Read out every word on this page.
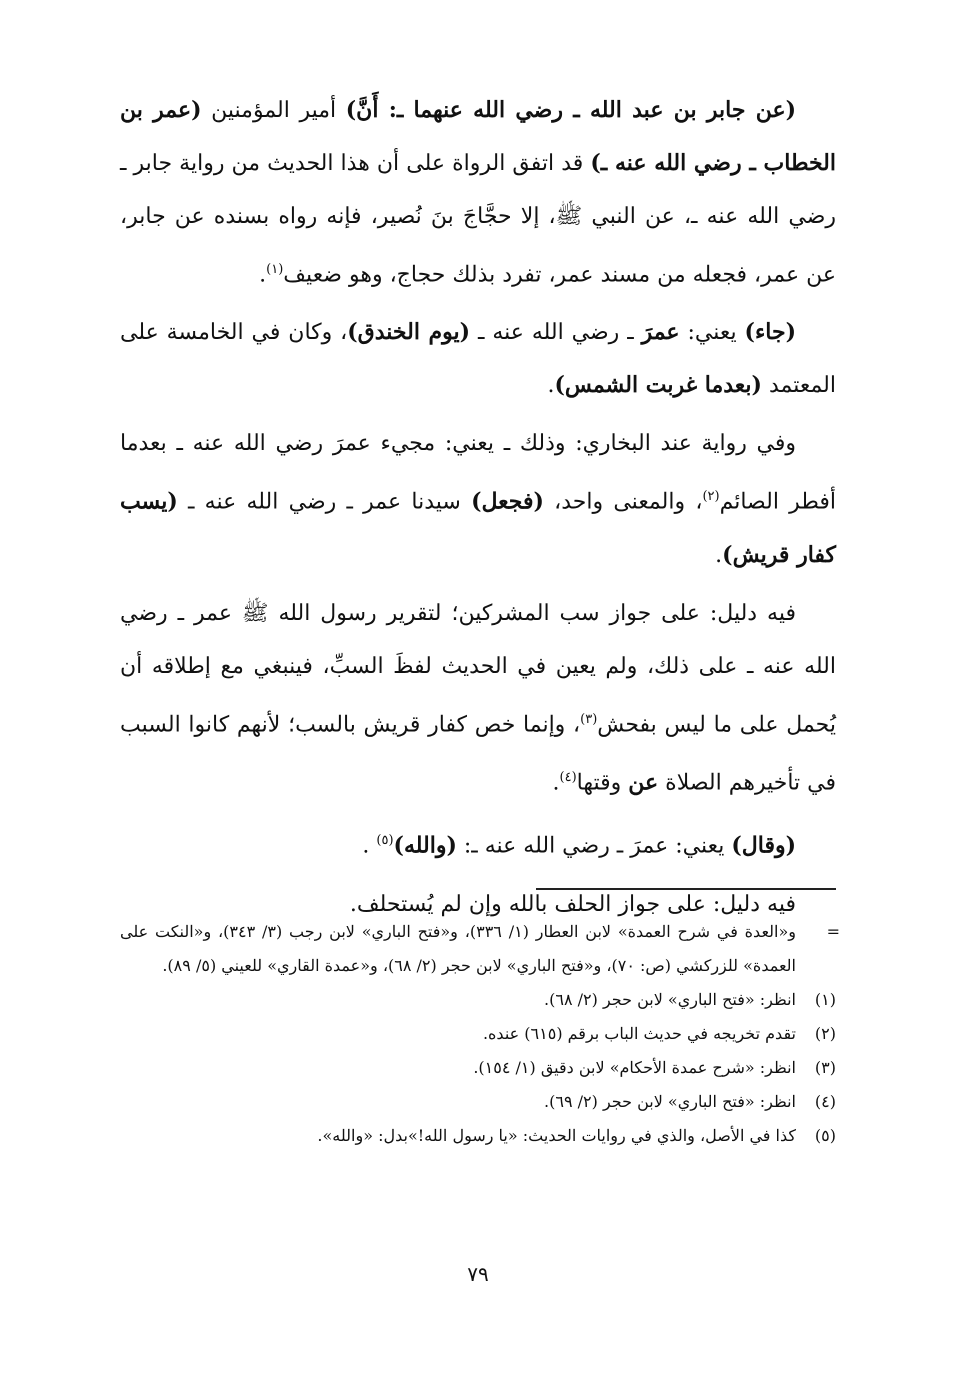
(عن جابر بن عبد الله ـ رضي الله عنهما ـ: أَنَّ) أمير المؤمنين (عمر بن الخطاب ـ رضي الله عنه ـ) قد اتفق الرواة على أن هذا الحديث من رواية جابر ـ رضي الله عنه ـ، عن النبي ﷺ، إلا حجَّاجَ بنَ نُصير، فإنه رواه بسنده عن جابر، عن عمر، فجعله من مسند عمر، تفرد بذلك حجاج، وهو ضعيف$^{(١)}$.

(جاء) يعني: عمرَ ـ رضي الله عنه ـ (يوم الخندق)، وكان في الخامسة على المعتمد (بعدما غربت الشمس).

وفي رواية عند البخاري: وذلك ـ يعني: مجيء عمرَ رضي الله عنه ـ بعدما أفطر الصائم$^{(٢)}$، والمعنى واحد، (فجعل) سيدنا عمر ـ رضي الله عنه ـ (يسب كفار قريش).

فيه دليل: على جواز سب المشركين؛ لتقرير رسول الله ﷺ عمر ـ رضي الله عنه ـ على ذلك، ولم يعين في الحديث لفظَ السبِّ، فينبغي مع إطلاقه أن يُحمل على ما ليس بفحش$^{(٣)}$، وإنما خص كفار قريش بالسب؛ لأنهم كانوا السبب في تأخيرهم الصلاة عن وقتها$^{(٤)}$.

(وقال) يعني: عمرَ ـ رضي الله عنه ـ: (والله)$^{(٥)}$ .

فيه دليل: على جواز الحلف بالله وإن لم يُستحلف.

=
و«العدة في شرح العمدة» لابن العطار (١/ ٣٣٦)، و«فتح الباري» لابن رجب (٣/ ٣٤٣)، و«النكت على العمدة» للزركشي (ص: ٧٠)، و«فتح الباري» لابن حجر (٢/ ٦٨)، و«عمدة القاري» للعيني (٥/ ٨٩).
(١)
انظر: «فتح الباري» لابن حجر (٢/ ٦٨).
(٢)
تقدم تخريجه في حديث الباب برقم (٦١٥) عنده.
(٣)
انظر: «شرح عمدة الأحكام» لابن دقيق (١/ ١٥٤).
(٤)
انظر: «فتح الباري» لابن حجر (٢/ ٦٩).
(٥)
كذا في الأصل، والذي في روايات الحديث: «يا رسول الله!»بدل: «والله».
٧٩
